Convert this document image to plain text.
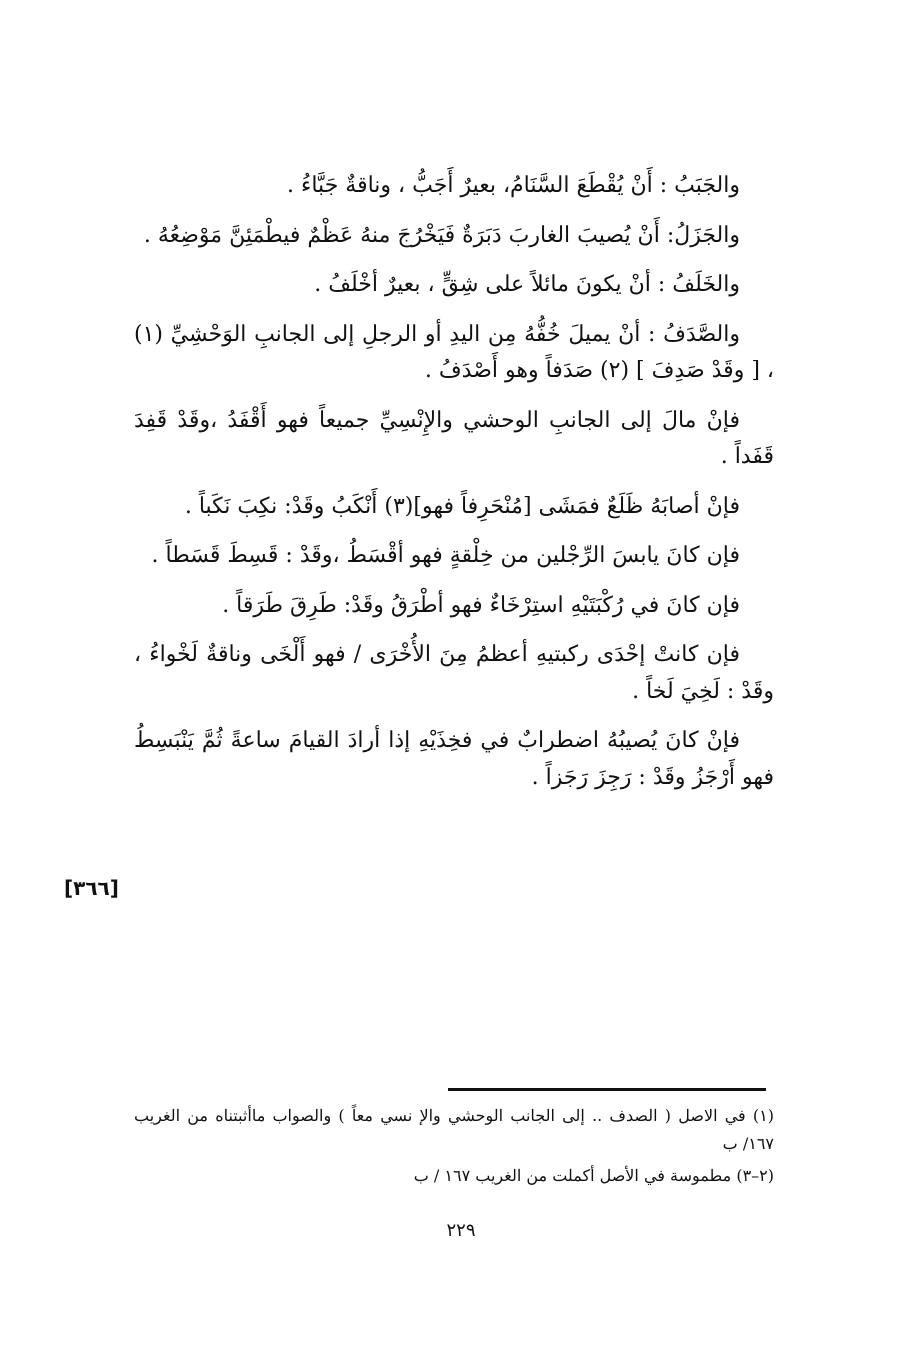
والجَبَبُ : أَنْ يُقْطَعَ السَّنَامُ، بعيرٌ أَجَبُّ ، وناقةٌ جَبَّاءُ .

والجَزَلُ: أَنْ يُصيبَ الغاربَ دَبَرَةٌ فَيَخْرُجَ منهُ عَظْمٌ فيطْمَئِنَّ مَوْضِعُهُ .

والخَلَفُ : أنْ يكونَ مائلاً على شِقٍّ ، بعيرٌ أخْلَفُ .

والصَّدَفُ : أنْ يميلَ خُفُّهُ مِن اليدِ أو الرجلِ إلى الجانبِ الوَحْشِيِّ (١) ، [ وقَدْ صَدِفَ ] (٢) صَدَفاً وهو أَصْدَفُ .

فإنْ مالَ إلى الجانبِ الوحشي والإِنْسِيِّ جميعاً فهو أَقْفَدُ ،وقَدْ قَفِدَ قَفَداً .

فإنْ أصابَهُ ظَلَعٌ فمَشَى [مُنْحَرِفاً فهو](٣) أَنْكَبُ وقَدْ: نكِبَ نَكَباً .

فإن كانَ يابسَ الرِّجْلين من خِلْقةٍ فهو أقْسَطُ ،وقَدْ : قَسِطَ قَسَطاً .

فإن كانَ في رُكْبَتَيْهِ استِرْخَاءٌ فهو أطْرَقُ وقَدْ: طَرِقَ طَرَقاً .

فإن كانتْ إحْدَى ركبتيهِ أعظمُ مِنَ الأُخْرَى / فهو أَلْخَى وناقةٌ لَخْواءُ ، وقَدْ : لَخِيَ لَخاً .

فإنْ كانَ يُصيبُهُ اضطرابٌ في فخِذَيْهِ إذا أرادَ القيامَ ساعةً ثُمَّ يَنْبَسِطُ فهو أَرْجَزُ وقَدْ : رَجِزَ رَجَزاً .

[٣٦٦]

(١) في الاصل ( الصدف .. إلى الجانب الوحشي والإ نسي معاً ) والصواب ماأثبتناه من الغريب ١٦٧/ ب

(٢–٣) مطموسة في الأصل أكملت من الغريب ١٦٧ / ب

٢٢٩
